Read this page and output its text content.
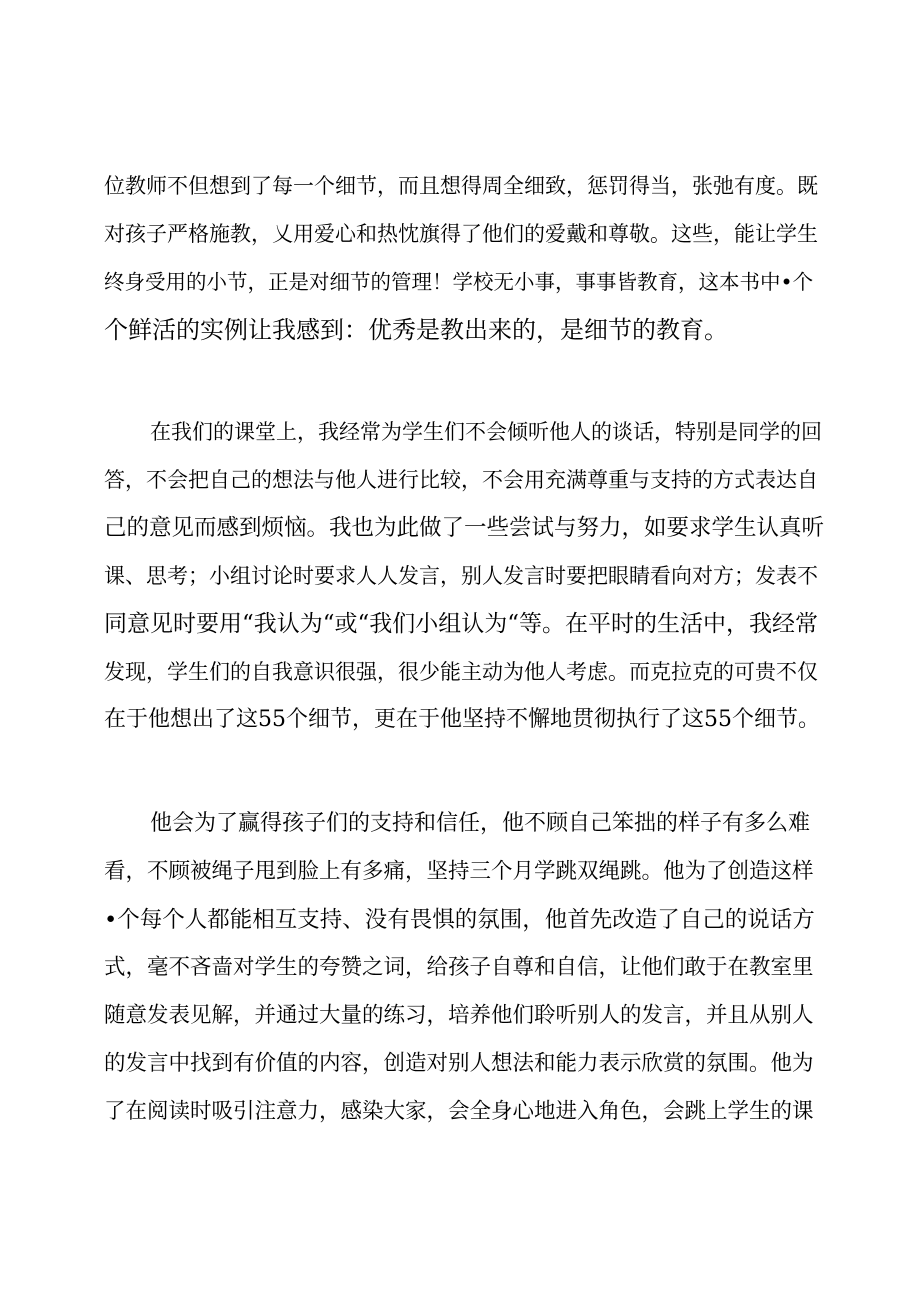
位教师不但想到了每一个细节，而且想得周全细致，惩罚得当，张弛有度。既
对孩子严格施教，乂用爱心和热忱旗得了他们的爱戴和尊敬。这些，能让学生
终身受用的小节，正是对细节的管理！学校无小事，事事皆教育，这本书中•个
个鲜活的实例让我感到：优秀是教出来的，是细节的教育。
在我们的课堂上，我经常为学生们不会倾听他人的谈话，特别是同学的回
答，不会把自己的想法与他人进行比较，不会用充满尊重与支持的方式表达自
己的意见而感到烦恼。我也为此做了一些尝试与努力，如要求学生认真听
课、思考；小组讨论时要求人人发言，别人发言时要把眼睛看向对方；发表不
同意见时要用“我认为“或“我们小组认为“等。在平时的生活中，我经常
发现，学生们的自我意识很强，很少能主动为他人考虑。而克拉克的可贵不仅
在于他想出了这55个细节，更在于他坚持不懈地贯彻执行了这55个细节。
他会为了赢得孩子们的支持和信任，他不顾自己笨拙的样子有多么难
看，不顾被绳子甩到脸上有多痛，坚持三个月学跳双绳跳。他为了创造这样
•个每个人都能相互支持、没有畏惧的氛围，他首先改造了自己的说话方
式，毫不吝啬对学生的夸赞之词，给孩子自尊和自信，让他们敢于在教室里
随意发表见解，并通过大量的练习，培养他们聆听别人的发言，并且从别人
的发言中找到有价值的内容，创造对别人想法和能力表示欣赏的氛围。他为
了在阅读时吸引注意力，感染大家，会全身心地进入角色，会跳上学生的课
